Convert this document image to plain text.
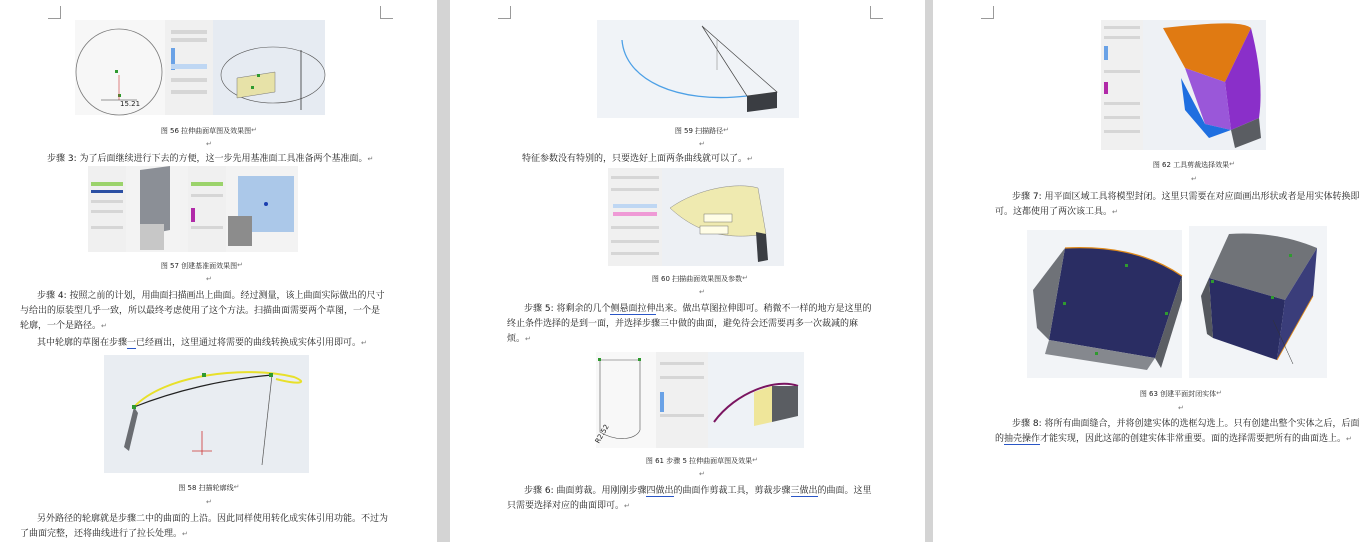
15.21

图 56 拉伸曲面草图及效果图 ↵

↵

步骤 3: 为了后面继续进行下去的方便，这一步先用基准面工具准备两个基准面。↵

图 57 创建基准面效果图 ↵

↵

步骤 4: 按照之前的计划，用曲面扫描画出上曲面。经过测量，该上曲面实际做出的尺寸与给出的原装型几乎一致，所以最终考虑使用了这个方法。扫描曲面需要两个草图，一个是轮廓，一个是路径。↵

其中轮廓的草图在步骤一已经画出，这里通过将需要的曲线转换成实体引用即可。↵

图 58 扫描轮廓线 ↵

↵

另外路径的轮廓就是步骤二中的曲面的上沿。因此同样使用转化成实体引用功能。不过为了曲面完整，还将曲线进行了拉长处理。↵

图 59 扫描路径 ↵

↵

特征参数没有特别的，只要选好上面两条曲线就可以了。↵

图 60 扫描曲面效果图及参数 ↵

↵

步骤 5: 将剩余的几个侧悬面拉伸出来。做出草图拉伸即可。稍微不一样的地方是这里的终止条件选择的是到一面，并选择步骤三中做的曲面，避免待会还需要再多一次裁减的麻烦。↵

R2.52

图 61 步骤 5 拉伸曲面草图及效果 ↵

↵

步骤 6: 曲面剪裁。用刚刚步骤四做出的曲面作剪裁工具，剪裁步骤三做出的曲面。这里只需要选择对应的曲面即可。↵

图 62 工具剪裁选择效果 ↵

↵

步骤 7: 用平面区域工具将模型封闭。这里只需要在对应面画出形状或者是用实体转换即可。这都使用了两次该工具。↵

图 63 创建平面封闭实体 ↵

↵

步骤 8: 将所有曲面缝合，并将创建实体的选框勾选上。只有创建出整个实体之后，后面的抽壳操作才能实现，因此这部的创建实体非常重要。面的选择需要把所有的曲面选上。↵
